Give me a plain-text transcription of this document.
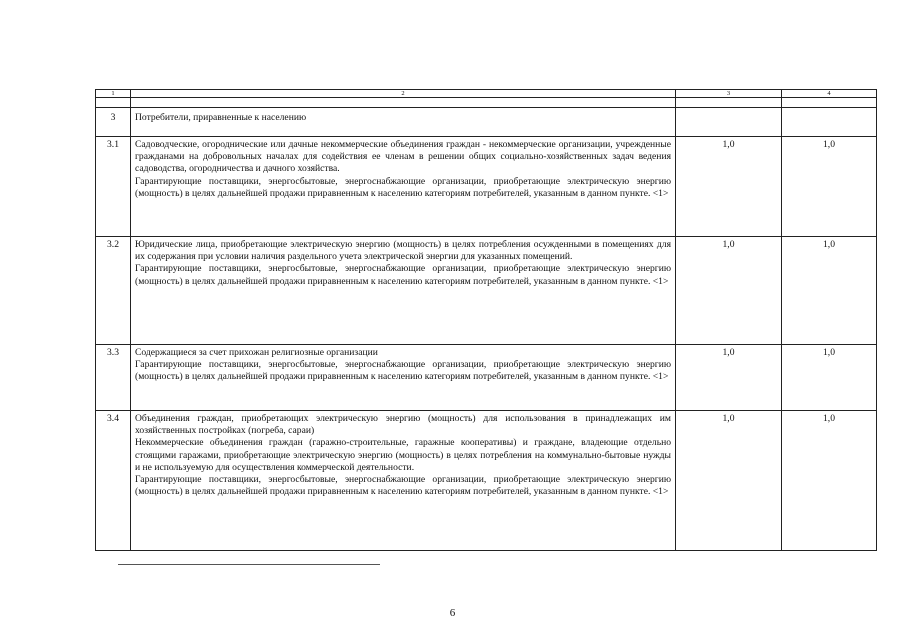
1	2	3	4

3	Потребители, приравненные к населению		
3.1	Садоводческие, огороднические или дачные некоммерческие объединения граждан - некоммерческие организации, учрежденные гражданами на добровольных началах для содействия ее членам в решении общих социально-хозяйственных задач ведения садоводства, огородничества и дачного хозяйства.
Гарантирующие поставщики, энергосбытовые, энергоснабжающие организации, приобретающие электрическую энергию (мощность) в целях дальнейшей продажи приравненным к населению категориям потребителей, указанным в данном пункте. <1>	1,0	1,0
3.2	Юридические лица, приобретающие электрическую энергию (мощность) в целях потребления осужденными в помещениях для их содержания при условии наличия раздельного учета электрической энергии для указанных помещений.
Гарантирующие поставщики, энергосбытовые, энергоснабжающие организации, приобретающие электрическую энергию (мощность) в целях дальнейшей продажи приравненным к населению категориям потребителей, указанным в данном пункте. <1>	1,0	1,0
3.3	Содержащиеся за счет прихожан религиозные организации
Гарантирующие поставщики, энергосбытовые, энергоснабжающие организации, приобретающие электрическую энергию (мощность) в целях дальнейшей продажи приравненным к населению категориям потребителей, указанным в данном пункте. <1>	1,0	1,0
3.4	Объединения граждан, приобретающих электрическую энергию (мощность) для использования в принадлежащих им хозяйственных постройках (погреба, сараи)
Некоммерческие объединения граждан (гаражно-строительные, гаражные кооперативы) и граждане, владеющие отдельно стоящими гаражами, приобретающие электрическую энергию (мощность) в целях потребления на коммунально-бытовые нужды и не используемую для осуществления коммерческой деятельности.
Гарантирующие поставщики, энергосбытовые, энергоснабжающие организации, приобретающие электрическую энергию (мощность) в целях дальнейшей продажи приравненным к населению категориям потребителей, указанным в данном пункте. <1>	1,0	1,0
6
